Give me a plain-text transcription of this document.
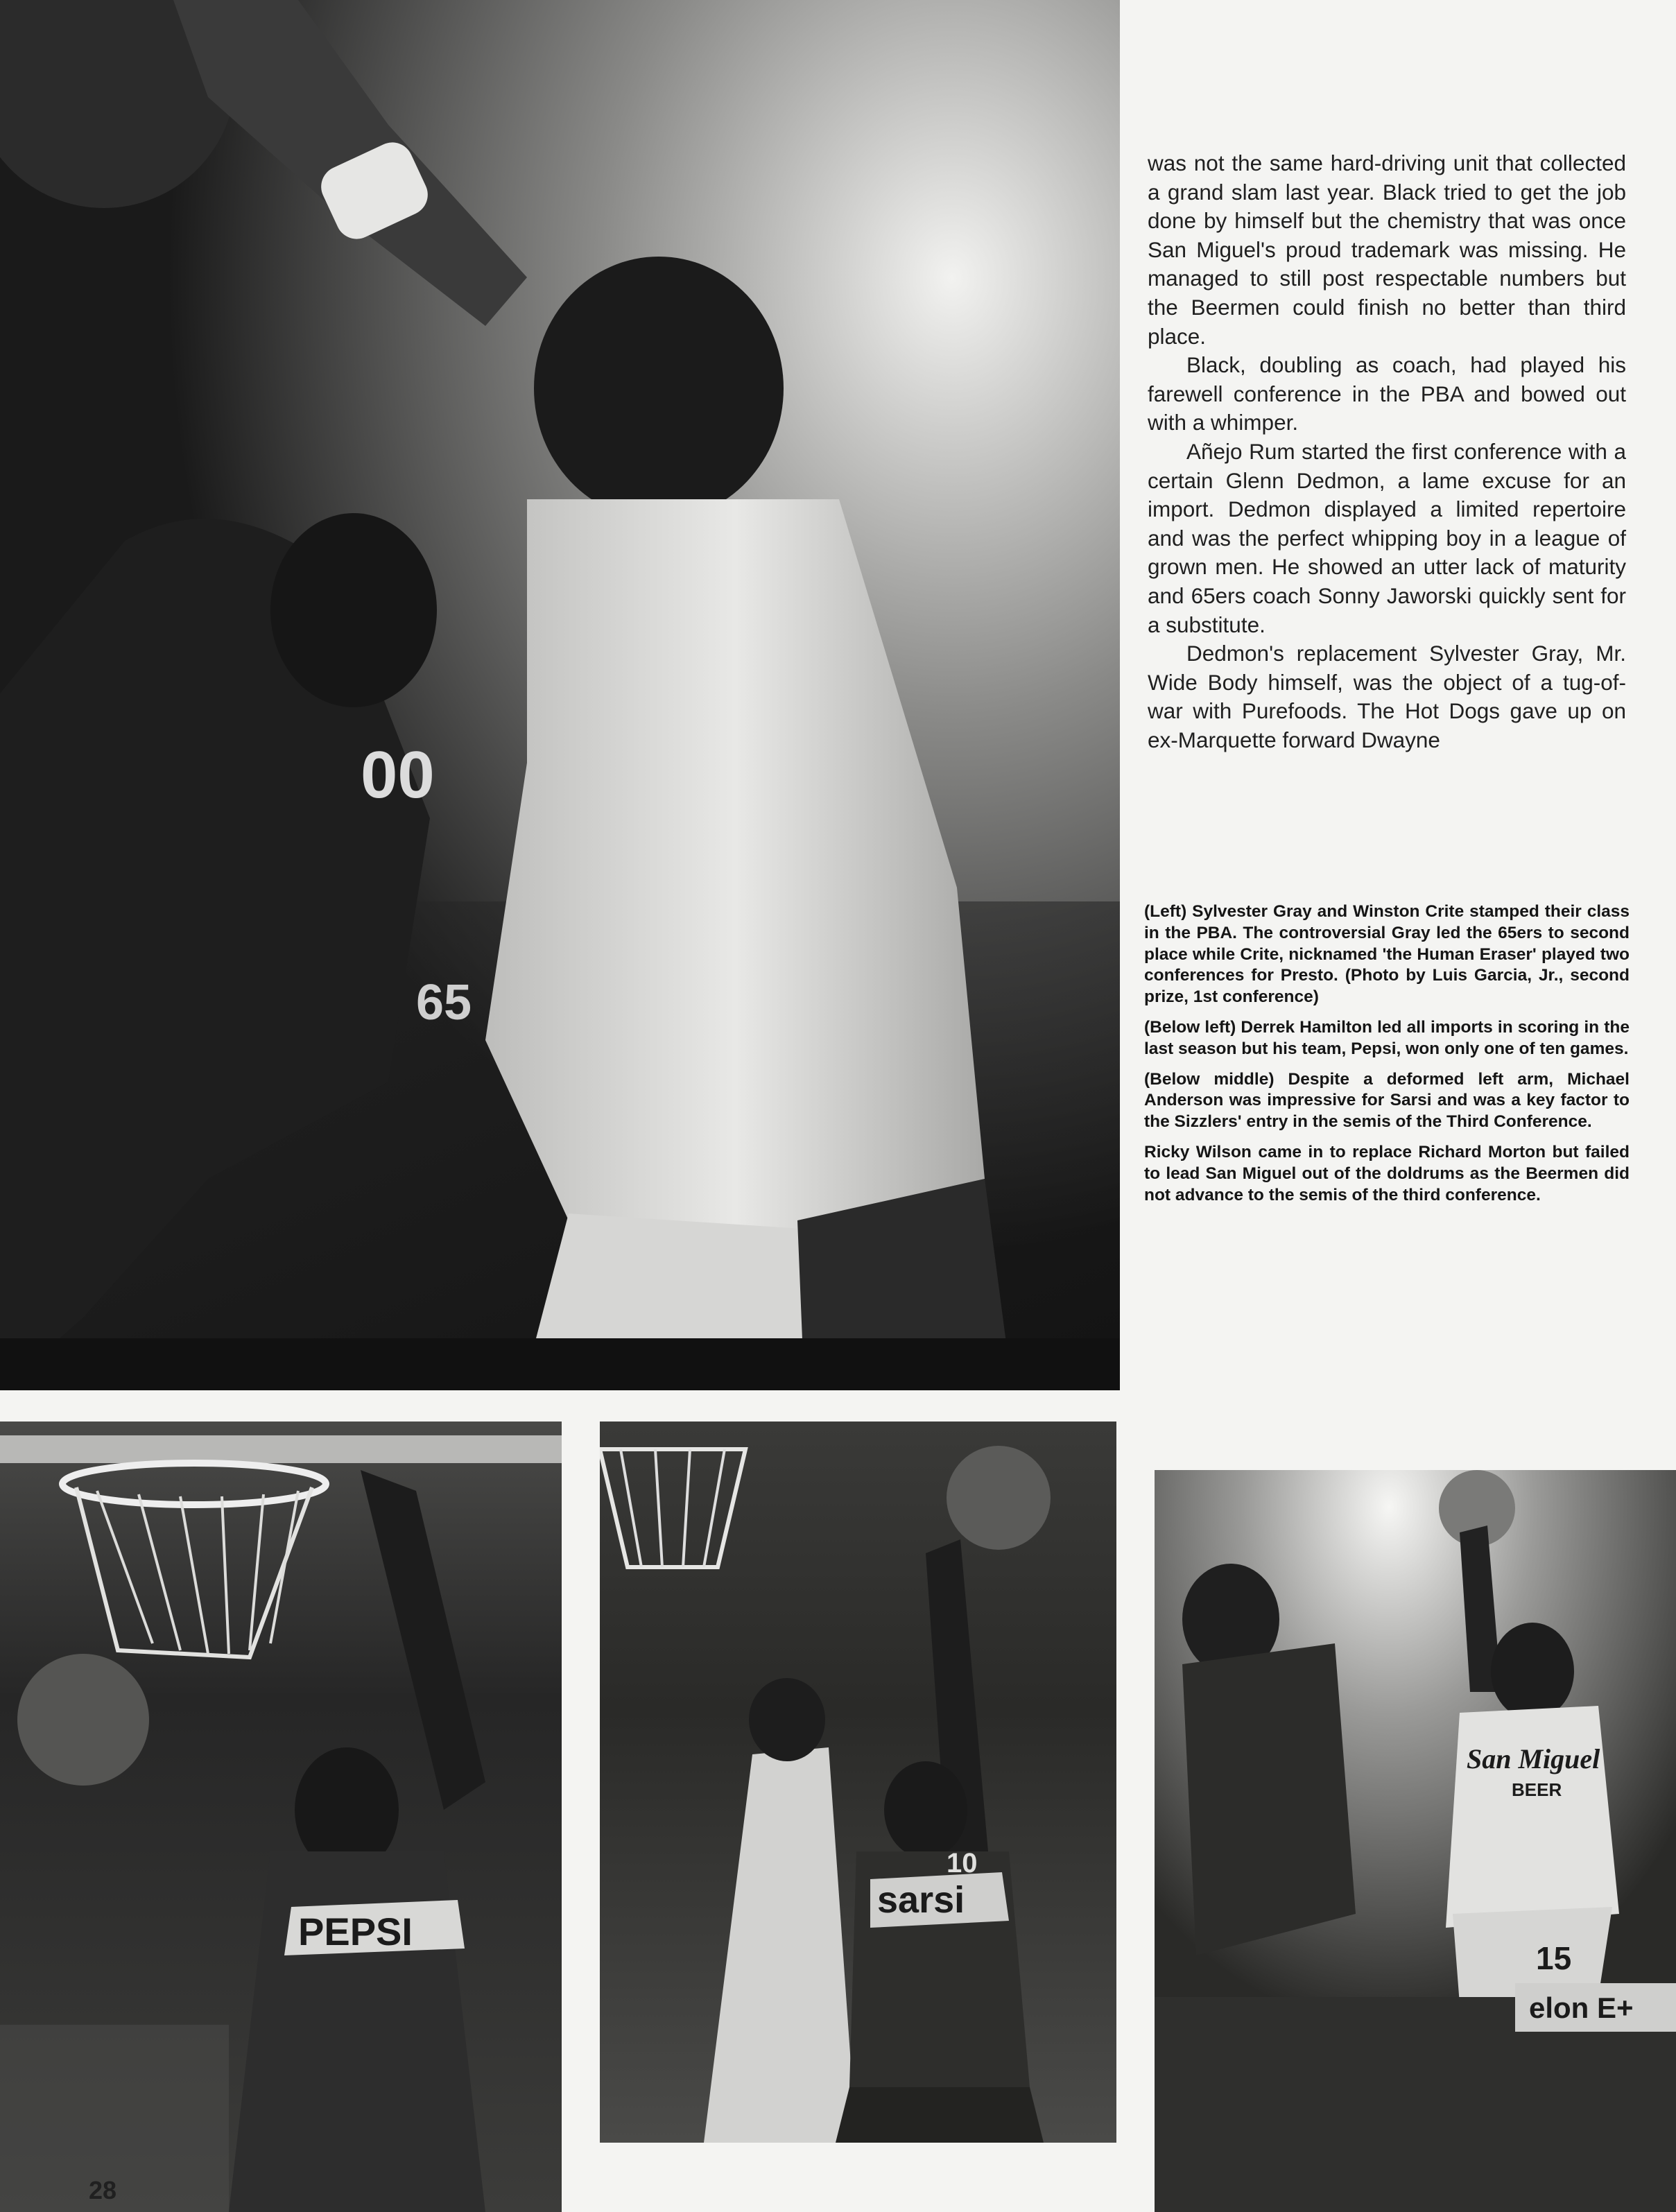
00
65

was not the same hard-driving unit that collected a grand slam last year. Black tried to get the job done by himself but the chemistry that was once San Miguel's proud trademark was missing. He managed to still post respectable numbers but the Beermen could finish no better than third place.

Black, doubling as coach, had played his farewell conference in the PBA and bowed out with a whimper.

Añejo Rum started the first conference with a certain Glenn Dedmon, a lame excuse for an import. Dedmon displayed a limited repertoire and was the perfect whipping boy in a league of grown men. He showed an utter lack of maturity and 65ers coach Sonny Jaworski quickly sent for a substitute.

Dedmon's replacement Sylvester Gray, Mr. Wide Body himself, was the object of a tug-of-war with Purefoods. The Hot Dogs gave up on ex-Marquette forward Dwayne

(Left) Sylvester Gray and Winston Crite stamped their class in the PBA. The controversial Gray led the 65ers to second place while Crite, nicknamed 'the Human Eraser' played two conferences for Presto. (Photo by Luis Garcia, Jr., second prize, 1st conference)

(Below left) Derrek Hamilton led all imports in scoring in the last season but his team, Pepsi, won only one of ten games.

(Below middle) Despite a deformed left arm, Michael Anderson was impressive for Sarsi and was a key factor to the Sizzlers' entry in the semis of the Third Conference.

Ricky Wilson came in to replace Richard Morton but failed to lead San Miguel out of the doldrums as the Beermen did not advance to the semis of the third conference.

PEPSI
sarsi
10
San Miguel
BEER
15
elon E+
28
